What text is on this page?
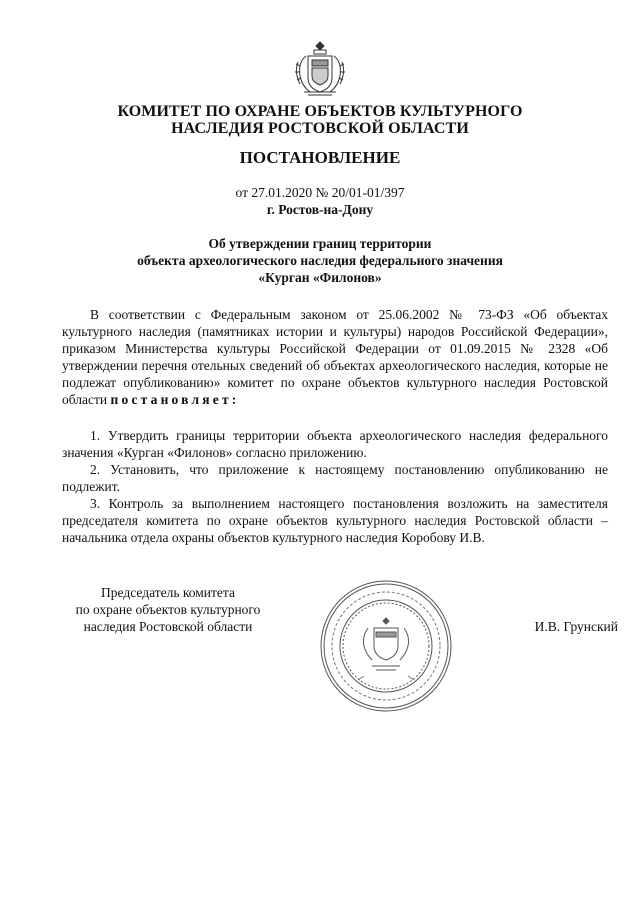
КОМИТЕТ ПО ОХРАНЕ ОБЪЕКТОВ КУЛЬТУРНОГО
НАСЛЕДИЯ РОСТОВСКОЙ ОБЛАСТИ
ПОСТАНОВЛЕНИЕ
от 27.01.2020 № 20/01-01/397
г. Ростов-на-Дону
Об утверждении границ территории
объекта археологического наследия федерального значения
«Курган «Филонов»
В соответствии с Федеральным законом от 25.06.2002 № 73-ФЗ «Об объектах культурного наследия (памятниках истории и культуры) народов Российской Федерации», приказом Министерства культуры Российской Федерации от 01.09.2015 № 2328 «Об утверждении перечня отельных сведений об объектах археологического наследия, которые не подлежат опубликованию» комитет по охране объектов культурного наследия Ростовской области постановляет:
1. Утвердить границы территории объекта археологического наследия федерального значения «Курган «Филонов» согласно приложению.
2. Установить, что приложение к настоящему постановлению опубликованию не подлежит.
3. Контроль за выполнением настоящего постановления возложить на заместителя председателя комитета по охране объектов культурного наследия Ростовской области – начальника отдела охраны объектов культурного наследия Коробову И.В.
Председатель комитета
по охране объектов культурного
наследия Ростовской области	И.В. Грунский
